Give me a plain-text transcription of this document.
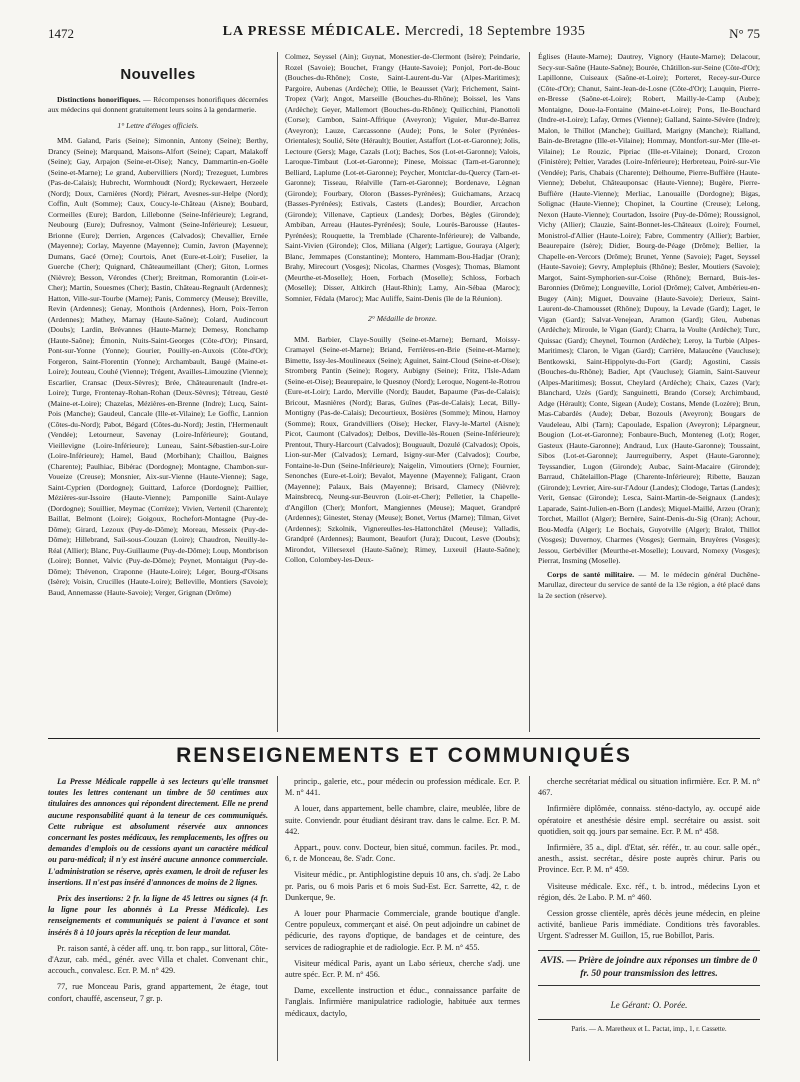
1472	LA PRESSE MÉDICALE. Mercredi, 18 Septembre 1935	N° 75
Nouvelles

Distinctions honorifiques. — Récompenses honorifiques décernées aux médecins qui donnent gratuitement leurs soins à la gendarmerie.

1° Lettre d'éloges officiels.

MM. Galand, Paris (Seine); Simonnin, Antony (Seine); Berthy, Drancy (Seine); Marquand, Maisons-Alfort (Seine); Capart, Malakoff (Seine); Gay, Arpajon (Seine-et-Oise); Nancy, Dammartin-en-Goële (Seine-et-Marne); Le grand, Aubervilliers (Nord); Trezeguet, Lumbres (Pas-de-Calais); Hubrecht, Wormhoudt (Nord); Ryckewaert, Herzeele (Nord); Doux, Carnières (Nord); Piérart, Avesnes-sur-Helpe (Nord); Coffin, Ault (Somme); Caux, Coucy-le-Château (Aisne); Boubard, Cormeilles (Eure); Bardon, Lillebonne (Seine-Inférieure); Legrand, Neubourg (Eure); Dufresnoy, Valmont (Seine-Inférieure); Lesueur, Brionne (Eure); Derrien, Argences (Calvados); Chevallier, Ernée (Mayenne); Corlay, Mayenne (Mayenne); Cumin, Javron (Mayenne); Dumans, Gacé (Orne); Courtois, Anet (Eure-et-Loir); Fuselier, la Guerche (Cher); Quignard, Châteaumeillant (Cher); Giton, Lormes (Nièvre); Besson, Vérondes (Cher); Breitman, Romorantin (Loir-et-Cher); Martin, Souesmes (Cher); Bastin, Château-Regnault (Ardennes); Hatton, Ville-sur-Tourbe (Marne); Panis, Commercy (Meuse); Breville, Revin (Ardennes); Genay, Monthois (Ardennes), Horn, Poix-Terron (Ardennes); Mathey, Marnay (Haute-Saône); Colard, Audincourt (Doubs); Lardin, Brévannes (Haute-Marne); Demesy, Ronchamp (Haute-Saône); Émonin, Nuits-Saint-Georges (Côte-d'Or); Pinsard, Pont-sur-Yonne (Yonne); Gourier, Pouilly-en-Auxois (Côte-d'Or); Forgeron, Saint-Florentin (Yonne); Archambault, Baugé (Maine-et-Loire); Jouteau, Couhé (Vienne); Trégent, Availles-Limouzine (Vienne); Escarlier, Cransac (Deux-Sèvres); Brée, Châteaurenault (Indre-et-Loire); Turge, Frontenay-Rohan-Rohan (Deux-Sèvres); Tétreau, Gesté (Maine-et-Loire); Chazelas, Mézières-en-Brenne (Indre); Lucq, Saint-Pois (Manche); Gaudeul, Cancale (Ille-et-Vilaine); Le Goffic, Lannion (Côtes-du-Nord); Pabot, Bégard (Côtes-du-Nord); Jestin, l'Hermenault (Vendée); Letourneur, Savenay (Loire-Inférieure); Goutand, Vieillevigne (Loire-Inférieure); Luneau, Saint-Sébastien-sur-Loire (Loire-Inférieure); Hamel, Baud (Morbihan); Chaillou, Baignes (Charente); Paulhiac, Bibérac (Dordogne); Montagne, Chambon-sur-Voueize (Creuse); Monsnier, Aix-sur-Vienne (Haute-Vienne); Sage, Saint-Cyprien (Dordogne); Guittard, Laforce (Dordogne); Paillier, Mézières-sur-Issoire (Haute-Vienne); Pamponille Saint-Aulaye (Dordogne); Souillier, Meymac (Corrèze); Vivien, Vertenil (Charente); Baillat, Belmont (Loire); Goigoux, Rochefort-Montagne (Puy-de-Dôme); Girard, Lezoux (Puy-de-Dôme); Moreau, Messeix (Puy-de-Dôme); Hillebrand, Sail-sous-Couzan (Loire); Chaudron, Neuilly-le-Réal (Allier); Blanc, Puy-Guillaume (Puy-de-Dôme); Loup, Montbrison (Loire); Bonnet, Valvic (Puy-de-Dôme); Peynet, Montaigut (Puy-de-Dôme); Thévenon, Craponne (Haute-Loire); Léger, Bourg-d'Oisans (Isère); Voisin, Crucilles (Haute-Loire); Belleville, Montiers (Savoie); Baud, Annemasse (Haute-Savoie); Verger, Grignan (Drôme)

Colmez, Seyssel (Ain); Guynat, Monestier-de-Clermont (Isère); Peindarie, Rozel (Savoie); Bouchet, Frangy (Haute-Savoie); Ponjol, Port-de-Bouc (Bouches-du-Rhône); Coste, Saint-Laurent-du-Var (Alpes-Maritimes); Pargoire, Aubenas (Ardèche); Ollie, le Beausset (Var); Frichement, Saint-Tropez (Var); Angot, Marseille (Bouches-du-Rhône); Boissel, les Vans (Ardèche); Geyer, Mallemort (Bouches-du-Rhône); Quilicchini, Pianottoli (Corse); Cambon, Saint-Affrique (Aveyron); Viguier, Mur-de-Barrez (Aveyron); Lauze, Carcassonne (Aude); Pons, le Soler (Pyrénées-Orientales); Soulié, Sète (Hérault); Boutier, Astaffort (Lot-et-Garonne); Jolis, Lectoure (Gers); Mage, Cazals (Lot); Baches, Sos (Lot-et-Garonne); Valois, Laroque-Timbaut (Lot-et-Garonne); Pinese, Moissac (Tarn-et-Garonne); Belliard, Laplume (Lot-et-Garonne); Peycher, Montclar-du-Quercy (Tarn-et-Garonne); Tisseau, Réalville (Tarn-et-Garonne); Bordenave, Lègnan (Gironde); Fourbary, Oloron (Basses-Pyrénées); Guichamans, Arzacq (Basses-Pyrénées); Estivals, Castets (Landes); Bourdier, Arcachon (Gironde); Villenave, Captieux (Landes); Dorbes, Bègles (Gironde); Ambiban, Arreau (Hautes-Pyrénées); Soule, Lourès-Barousse (Hautes-Pyrénées); Rouquette, la Tremblade (Charente-Inférieure); de Valbande, Saint-Vivien (Gironde); Clos, Miliana (Alger); Lartigue, Gouraya (Alger); Blanc, Jemmapes (Constantine); Montero, Hammam-Bou-Hadjar (Oran); Brahy, Mirecourt (Vosges); Nicolas, Charmes (Vosges); Thomas, Blamont (Meurthe-et-Moselle); Hoen, Forbach (Moselle); Schloss, Forbach (Moselle); Disser, Altkirch (Haut-Rhin); Lamy, Ain-Sébaa (Maroc); Somnier, Fédala (Maroc); Mac Auliffe, Saint-Denis (île de la Réunion).

2° Médaille de bronze.

MM. Barbier, Claye-Souilly (Seine-et-Marne); Bernard, Moissy-Cramayel (Seine-et-Marne); Briand, Ferrières-en-Brie (Seine-et-Marne); Bimette, Issy-les-Moulineaux (Seine); Aguinet, Saint-Cloud (Seine-et-Oise); Stromberg Pantin (Seine); Rogery, Aubigny (Seine); Fritz, l'Isle-Adam (Seine-et-Oise); Beaurepaire, le Quesnoy (Nord); Leroque, Nogent-le-Rotrou (Eure-et-Loir); Lardo, Merville (Nord); Baudet, Bapaume (Pas-de-Calais); Bricout, Masnières (Nord); Baras, Guînes (Pas-de-Calais); Lecat, Billy-Montigny (Pas-de-Calais); Decourtieux, Bosières (Somme); Minou, Harnoy (Somme); Roux, Grandvilliers (Oise); Hecker, Flavy-le-Martel (Aisne); Picot, Caumont (Calvados); Delbos, Deville-lès-Rouen (Seine-Inférieure); Prentout, Thury-Harcourt (Calvados); Bouguault, Dozulé (Calvados); Opois, Lion-sur-Mer (Calvados); Lernard, Isigny-sur-Mer (Calvados); Courbe, Fontaine-le-Dun (Seine-Inférieure); Naigelin, Vimoutiers (Orne); Fournier, Senonches (Eure-et-Loir); Bevalot, Mayenne (Mayenne); Faligant, Craon (Mayenne); Palaux, Bais (Mayenne); Brisard, Clamecy (Nièvre); Mainsbrecq, Neung-sur-Beuvron (Loir-et-Cher); Pelletier, la Chapelle-d'Angillon (Cher); Monfort, Mangiennes (Meuse); Maquet, Grandpré (Ardennes); Ginestet, Stenay (Meuse); Bonet, Vertus (Marne); Tilman, Givet (Ardennes); Szkolnik, Vignereulles-les-Hattonchâtel (Meuse); Valladis, Grandpré (Ardennes); Baumont, Beaufort (Jura); Ducout, Lesve (Doubs); Mirondot, Villersexel (Haute-Saône); Rimey, Luxeuil (Haute-Saône); Collon, Colombey-les-Deux-

Églises (Haute-Marne); Dautrey, Vignory (Haute-Marne); Delacour, Secy-sur-Saône (Haute-Saône); Bourée, Châtillon-sur-Seine (Côte-d'Or); Lapillonne, Cuiseaux (Saône-et-Loire); Porteret, Recey-sur-Ource (Côte-d'Or); Chanut, Saint-Jean-de-Losne (Côte-d'Or); Lauquin, Pierre-en-Bresse (Saône-et-Loire); Robert, Mailly-le-Camp (Aube); Montaigne, Doue-la-Fontaine (Maine-et-Loire); Pons, Ile-Bouchard (Indre-et-Loire); Lafay, Ormes (Vienne); Galland, Sainte-Sévère (Indre); Malon, le Thillot (Manche); Guillard, Marigny (Manche); Rialland, Bain-de-Bretagne (Ille-et-Vilaine); Hommay, Montfort-sur-Mer (Ille-et-Vilaine); Le Rouzic, Pipriac (Ille-et-Vilaine); Donard, Crozon (Finistère); Peltier, Varades (Loire-Inférieure); Herbreteau, Poiré-sur-Vie (Vendée); Paris, Chabais (Charente); Delhoume, Pierre-Buffière (Haute-Vienne); Debelut, Châteauponsac (Haute-Vienne); Bugère, Pierre-Buffière (Haute-Vienne); Merliac, Lanouaille (Dordogne); Bigas, Solignac (Haute-Vienne); Chopinet, la Courtine (Creuse); Lelong, Nexon (Haute-Vienne); Courtadon, Issoire (Puy-de-Dôme); Roussignol, Vichy (Allier); Clauzie, Saint-Bonnet-les-Châteaux (Loire); Fournel, Monistrol-d'Allier (Haute-Loire); Fabre, Commentry (Allier); Barbier, Beaurepaire (Isère); Didier, Bourg-de-Péage (Drôme); Bellier, la Chapelle-en-Vercors (Drôme); Brunet, Yenne (Savoie); Paget, Seyssel (Haute-Savoie); Gevry, Amplepluis (Rhône); Besler, Moutiers (Savoie); Margot, Saint-Symphorien-sur-Coise (Rhône); Bernard, Buis-les-Baronnies (Drôme); Longueville, Loriol (Drôme); Calvet, Ambérieu-en-Bugey (Ain); Miguet, Douvaine (Haute-Savoie); Derieux, Saint-Laurent-de-Chamousset (Rhône); Dupouy, la Levade (Gard); Laget, le Vigan (Gard); Salvat-Venejean, Aramon (Gard); Gleu, Aubenas (Ardèche); Miroule, le Vigan (Gard); Charra, la Voulte (Ardèche); Turc, Quissac (Gard); Cheynel, Tournon (Ardèche); Leroy, la Turbie (Alpes-Maritimes); Claron, le Vigan (Gard); Carrière, Malaucène (Vaucluse); Bentkowski, Saint-Hippolyte-du-Fort (Gard); Agostini, Cassis (Bouches-du-Rhône); Badier, Apt (Vaucluse); Giamin, Saint-Sauveur (Alpes-Maritimes); Bossut, Cheylard (Ardèche); Chaix, Cazes (Var); Blanchard, Uzès (Gard); Sanguinetti, Brando (Corse); Archimbaud, Adge (Hérault); Conte, Sigean (Aude); Costans, Mende (Lozère); Brun, Mas-Cabardès (Aude); Debar, Bozouls (Aveyron); Bougars de Vaudeleau, Albi (Tarn); Capoulade, Espalion (Aveyron); Lépargneur, Bougion (Lot-et-Garonne); Fonbaure-Buch, Monteneg (Lot); Roger, Gasteux (Haute-Garonne); Andraud, Lux (Haute-Garonne); Toussaint, Sibos (Lot-et-Garonne); Jaurreguiberry, Aspet (Haute-Garonne); Teyssandier, Lugon (Gironde); Aubac, Saint-Macaire (Gironde); Barraud, Châtelaillon-Plage (Charente-Inférieure); Ribette, Bauzan (Gironde); Levrier, Aire-sur-l'Adour (Landes); Clodoge, Tartas (Landes); Verit, Gensac (Gironde); Lesca, Saint-Martin-de-Seignaux (Landes); Laparade, Saint-Julien-en-Born (Landes); Miquel-Maillé, Arzeu (Oran); Torchet, Maillot (Alger); Bernère, Saint-Denis-du-Sig (Oran); Achour, Bou-Medfa (Alger); Le Bochais, Guyotville (Alger); Bralot, Thillot (Vosges); Duvernoy, Charmes (Vosges); Germain, Bruyères (Vosges); Jessou, Gerbéviller (Meurthe-et-Moselle); Louvard, Nomexy (Vosges); Pierrat, Insming (Moselle).

Corps de santé militaire. — M. le médecin général Duchêne-Marullaz, directeur du service de santé de la 13e région, a été placé dans la 2e section (réserve).

RENSEIGNEMENTS ET COMMUNIQUÉS

La Presse Médicale rappelle à ses lecteurs qu'elle transmet toutes les lettres contenant un timbre de 50 centimes aux titulaires des annonces qui répondent directement. Elle ne prend aucune responsabilité quant à la teneur de ces communiqués. Cette rubrique est absolument réservée aux annonces concernant les postes médicaux, les remplacements, les offres ou demandes d'emplois ou de cessions ayant un caractère médical ou para-médical; il n'y est inséré aucune annonce commerciale. L'administration se réserve, après examen, le droit de refuser les insertions. Il n'est pas inséré d'annonces de moins de 2 lignes.

Prix des insertions: 2 fr. la ligne de 45 lettres ou signes (4 fr. la ligne pour les abonnés à La Presse Médicale). Les renseignements et communiqués se paient à l'avance et sont insérés 8 à 10 jours après la réception de leur mandat.

Pr. raison santé, à céder aff. unq. tr. bon rapp., sur littoral, Côte-d'Azur, cab. méd., génér. avec Villa et chalet. Convenant chir., accouch., convalesc. Ecr. P. M. n° 429.

77, rue Monceau Paris, grand appartement, 2e étage, tout confort, chauffé, ascenseur, 7 gr. p.

princip., galerie, etc., pour médecin ou profession médicale. Ecr. P. M. n° 441.

A louer, dans appartement, belle chambre, claire, meublée, libre de suite. Conviendr. pour étudiant désirant trav. dans le calme. Ecr. P. M. 442.

Appart., pouv. conv. Docteur, bien situé, commun. faciles. Pr. mod., 6, r. de Monceau, 8e. S'adr. Conc.

Visiteur médic., pr. Antiphlogistine depuis 10 ans, ch. s'adj. 2e Labo pr. Paris, ou 6 mois Paris et 6 mois Sud-Est. Ecr. Sarrette, 42, r. de Dunkerque, 9e.

A louer pour Pharmacie Commerciale, grande boutique d'angle. Centre populeux, commerçant et aisé. On peut adjoindre un cabinet de pédicurie, des rayons d'optique, de bandages et de ceinture, des services de radiographie et de radiologie. Ecr. P. M. n° 455.

Visiteur médical Paris, ayant un Labo sérieux, cherche s'adj. une autre spéc. Ecr. P. M. n° 456.

Dame, excellente instruction et éduc., connaissance parfaite de l'anglais. Infirmière manipulatrice radiologie, habituée aux termes médicaux, dactylo,

cherche secrétariat médical ou situation infirmière. Ecr. P. M. n° 467.

Infirmière diplômée, connaiss. sténo-dactylo, ay. occupé aide opératoire et anesthésie désire empl. secrétaire ou assist. soit quotidien, soit qq. jours par semaine. Ecr. P. M. n° 458.

Infirmière, 35 a., dipl. d'Etat, sér. référ., tr. au cour. salle opér., anesth., assist. secrétar., désire poste auprès chirur. Paris ou Province. Ecr. P. M. n° 459.

Visiteuse médicale. Exc. réf., t. b. introd., médecins Lyon et région, dés. 2e Labo. P. M. n° 460.

Cession grosse clientèle, après décès jeune médecin, en pleine activité, banlieue Paris immédiate. Conditions très favorables. Urgent. S'adresser M. Guillon, 15, rue Bobillot, Paris.

AVIS. — Prière de joindre aux réponses un timbre de 0 fr. 50 pour transmission des lettres.
Le Gérant: O. Porée.
Paris. — A. Maretheux et L. Pactat, imp., 1, r. Cassette.
